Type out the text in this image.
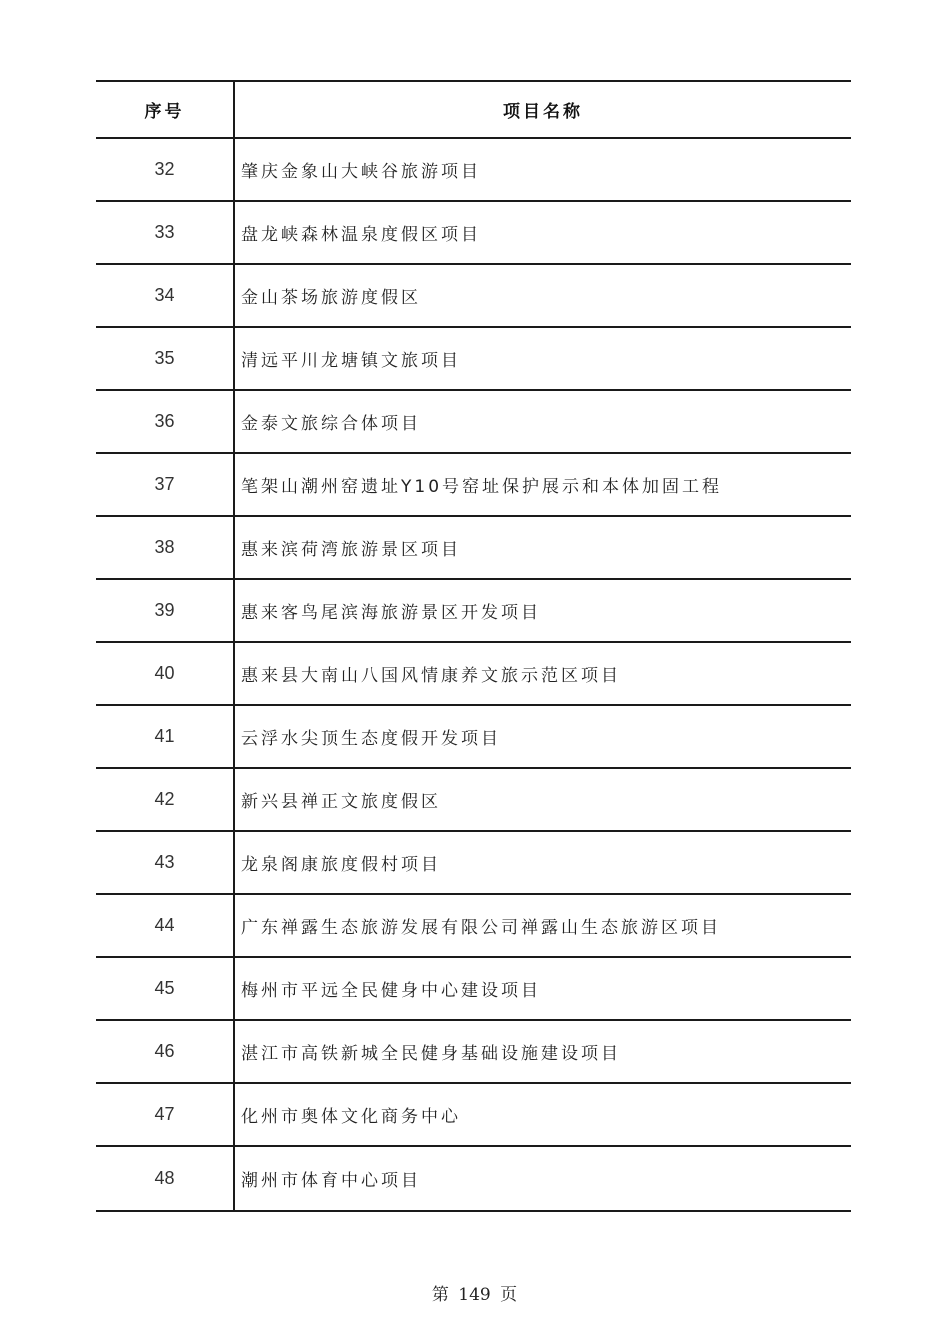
序号	项目名称
32	肇庆金象山大峡谷旅游项目
33	盘龙峡森林温泉度假区项目
34	金山茶场旅游度假区
35	清远平川龙塘镇文旅项目
36	金泰文旅综合体项目
37	笔架山潮州窑遗址Y10号窑址保护展示和本体加固工程
38	惠来滨荷湾旅游景区项目
39	惠来客鸟尾滨海旅游景区开发项目
40	惠来县大南山八国风情康养文旅示范区项目
41	云浮水尖顶生态度假开发项目
42	新兴县禅正文旅度假区
43	龙泉阁康旅度假村项目
44	广东禅露生态旅游发展有限公司禅露山生态旅游区项目
45	梅州市平远全民健身中心建设项目
46	湛江市高铁新城全民健身基础设施建设项目
47	化州市奥体文化商务中心
48	潮州市体育中心项目
第 149 页
